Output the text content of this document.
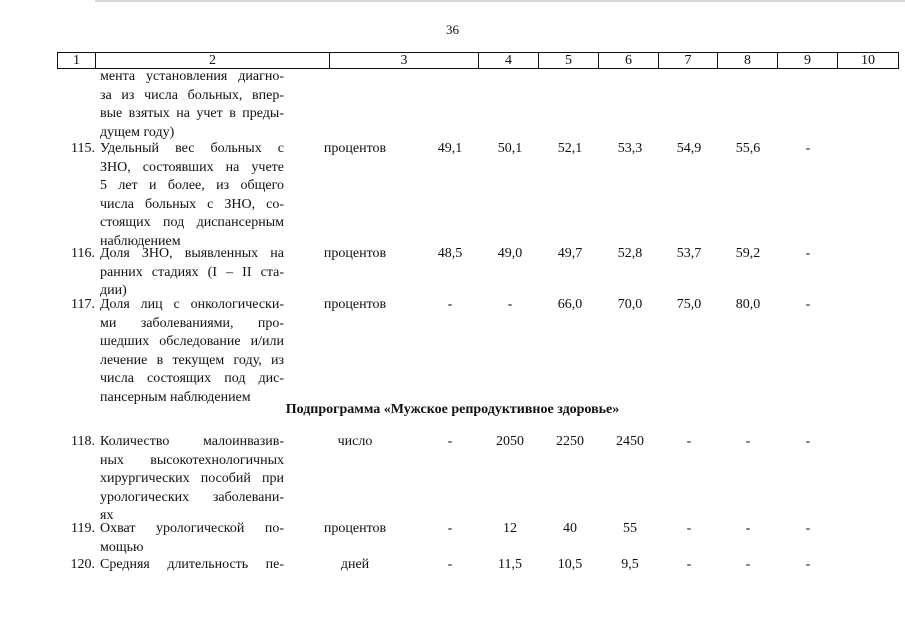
36
1	2	3	4	5	6	7	8	9	10
мента установления диагно-
за из числа больных, впер-
вые взятых на учет в преды-
дущем году)
115. Удельный вес больных с
ЗНО, состоявших на учете
5 лет и более, из общего
числа больных с ЗНО, со-
стоящих под диспансерным
наблюдением
процентов	49,1	50,1	52,1	53,3	54,9	55,6	-
116. Доля ЗНО, выявленных на
ранних стадиях (I – II ста-
дии)
процентов	48,5	49,0	49,7	52,8	53,7	59,2	-
117. Доля лиц с онкологически-
ми заболеваниями, про-
шедших обследование и/или
лечение в текущем году, из
числа состоящих под дис-
пансерным наблюдением
процентов	-	-	66,0	70,0	75,0	80,0	-
Подпрограмма «Мужское репродуктивное здоровье»
118. Количество малоинвазив-
ных высокотехнологичных
хирургических пособий при
урологических заболевани-
ях
число	-	2050	2250	2450	-	-	-
119. Охват урологической по-
мощью
процентов	-	12	40	55	-	-	-
120. Средняя длительность пе-	дней	-	11,5	10,5	9,5	-	-	-
